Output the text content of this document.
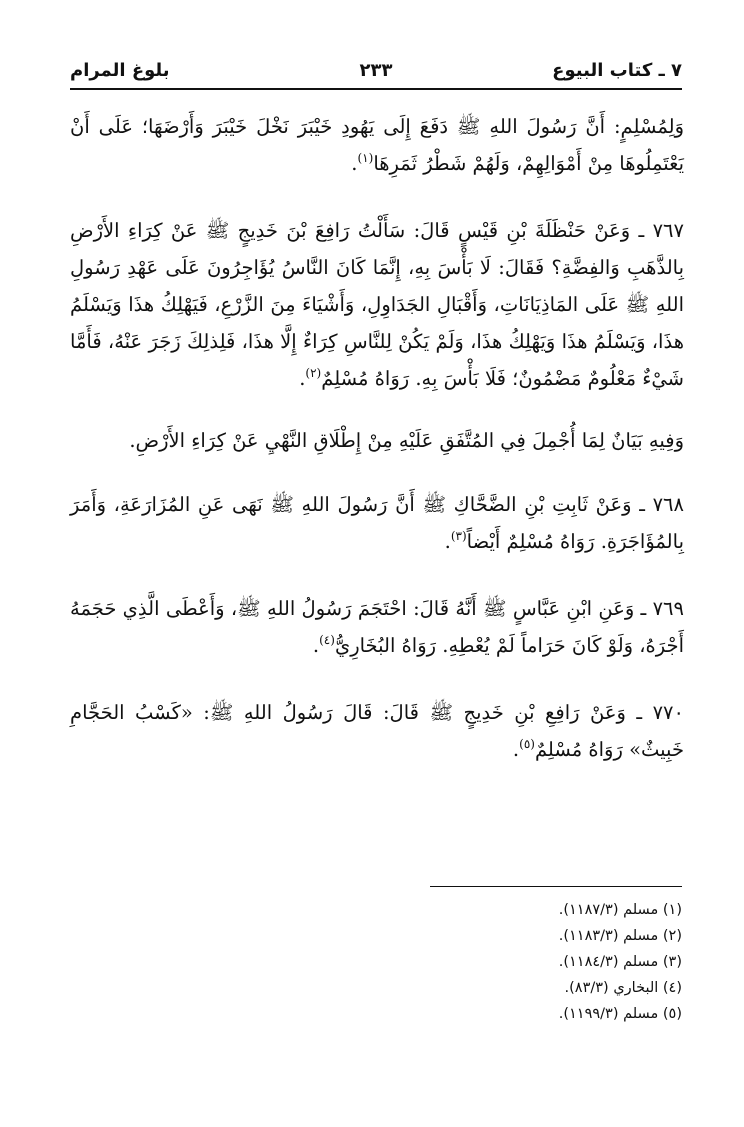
٧ ـ كتاب البيوع
٢٣٣
بلوغ المرام

وَلِمُسْلِمٍ: أَنَّ رَسُولَ اللهِ ﷺ دَفَعَ إِلَى يَهُودِ خَيْبَرَ نَخْلَ خَيْبَرَ وَأَرْضَهَا؛ عَلَى أَنْ يَعْتَمِلُوهَا مِنْ أَمْوَالِهِمْ، وَلَهُمْ شَطْرُ ثَمَرِهَا$^{(١)}$.

٧٦٧ ـ وَعَنْ حَنْظَلَةَ بْنِ قَيْسٍ قَالَ: سَأَلْتُ رَافِعَ بْنَ خَدِيجٍ ﷺ عَنْ كِرَاءِ الأَرْضِ بِالذَّهَبِ وَالفِضَّةِ؟ فَقَالَ: لَا بَأْسَ بِهِ، إِنَّمَا كَانَ النَّاسُ يُؤَاجِرُونَ عَلَى عَهْدِ رَسُولِ اللهِ ﷺ عَلَى المَاذِيَانَاتِ، وَأَقْبَالِ الجَدَاوِلِ، وَأَشْيَاءَ مِنَ الزَّرْعِ، فَيَهْلِكُ هذَا وَيَسْلَمُ هذَا، وَيَسْلَمُ هذَا وَيَهْلِكُ هذَا، وَلَمْ يَكُنْ لِلنَّاسِ كِرَاءٌ إِلَّا هذَا، فَلِذلِكَ زَجَرَ عَنْهُ، فَأَمَّا شَيْءٌ مَعْلُومٌ مَضْمُونٌ؛ فَلَا بَأْسَ بِهِ. رَوَاهُ مُسْلِمٌ$^{(٢)}$.

وَفِيهِ بَيَانٌ لِمَا أُجْمِلَ فِي المُتَّفَقِ عَلَيْهِ مِنْ إِطْلَاقِ النَّهْيِ عَنْ كِرَاءِ الأَرْضِ.

٧٦٨ ـ وَعَنْ ثَابِتِ بْنِ الضَّحَّاكِ ﷺ أَنَّ رَسُولَ اللهِ ﷺ نَهَى عَنِ المُزَارَعَةِ، وَأَمَرَ بِالمُؤَاجَرَةِ. رَوَاهُ مُسْلِمٌ أَيْضاً$^{(٣)}$.

٧٦٩ ـ وَعَنِ ابْنِ عَبَّاسٍ ﷺ أَنَّهُ قَالَ: احْتَجَمَ رَسُولُ اللهِ ﷺ، وَأَعْطَى الَّذِي حَجَمَهُ أَجْرَهُ، وَلَوْ كَانَ حَرَاماً لَمْ يُعْطِهِ. رَوَاهُ البُخَارِيُّ$^{(٤)}$.

٧٧٠ ـ وَعَنْ رَافِعِ بْنِ خَدِيجٍ ﷺ قَالَ: قَالَ رَسُولُ اللهِ ﷺ: «كَسْبُ الحَجَّامِ خَبِيثٌ» رَوَاهُ مُسْلِمٌ$^{(٥)}$.

(١) مسلم (١١٨٧/٣).
(٢) مسلم (١١٨٣/٣).
(٣) مسلم (١١٨٤/٣).
(٤) البخاري (٨٣/٣).
(٥) مسلم (١١٩٩/٣).
